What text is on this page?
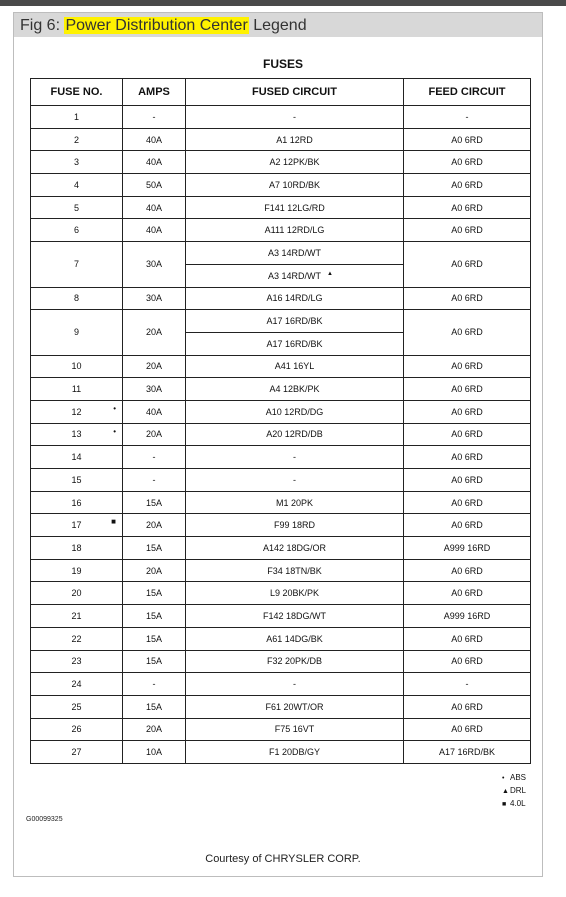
Fig 6: Power Distribution Center Legend
FUSES
FUSE NO.	AMPS	FUSED CIRCUIT	FEED CIRCUIT
1	-	-	-
2	40A	A1 12RD	A0 6RD
3	40A	A2 12PK/BK	A0 6RD
4	50A	A7 10RD/BK	A0 6RD
5	40A	F141 12LG/RD	A0 6RD
6	40A	A111 12RD/LG	A0 6RD
7	30A	A3 14RD/WT	A0 6RD
		A3 14RD/WT ▲	

8	30A	A16 14RD/LG	A0 6RD
9	20A	A17 16RD/BK	A0 6RD
		A17 16RD/BK	
10	20A	A41 16YL	A0 6RD
11	30A	A4 12BK/PK	A0 6RD
12 •	40A	A10 12RD/DG	A0 6RD
13 •	20A	A20 12RD/DB	A0 6RD
14	-	-	A0 6RD
15	-	-	A0 6RD
16	15A	M1 20PK	A0 6RD
17 ■	20A	F99 18RD	A0 6RD
18	15A	A142 18DG/OR	A999 16RD
19	20A	F34 18TN/BK	A0 6RD
20	15A	L9 20BK/PK	A0 6RD
21	15A	F142 18DG/WT	A999 16RD
22	15A	A61 14DG/BK	A0 6RD
23	15A	F32 20PK/DB	A0 6RD
24	-	-	-
25	15A	F61 20WT/OR	A0 6RD
26	20A	F75 16VT	A0 6RD
27	10A	F1 20DB/GY	A17 16RD/BK
• ABS
▲DRL
■ 4.0L
G00099325
Courtesy of CHRYSLER CORP.
